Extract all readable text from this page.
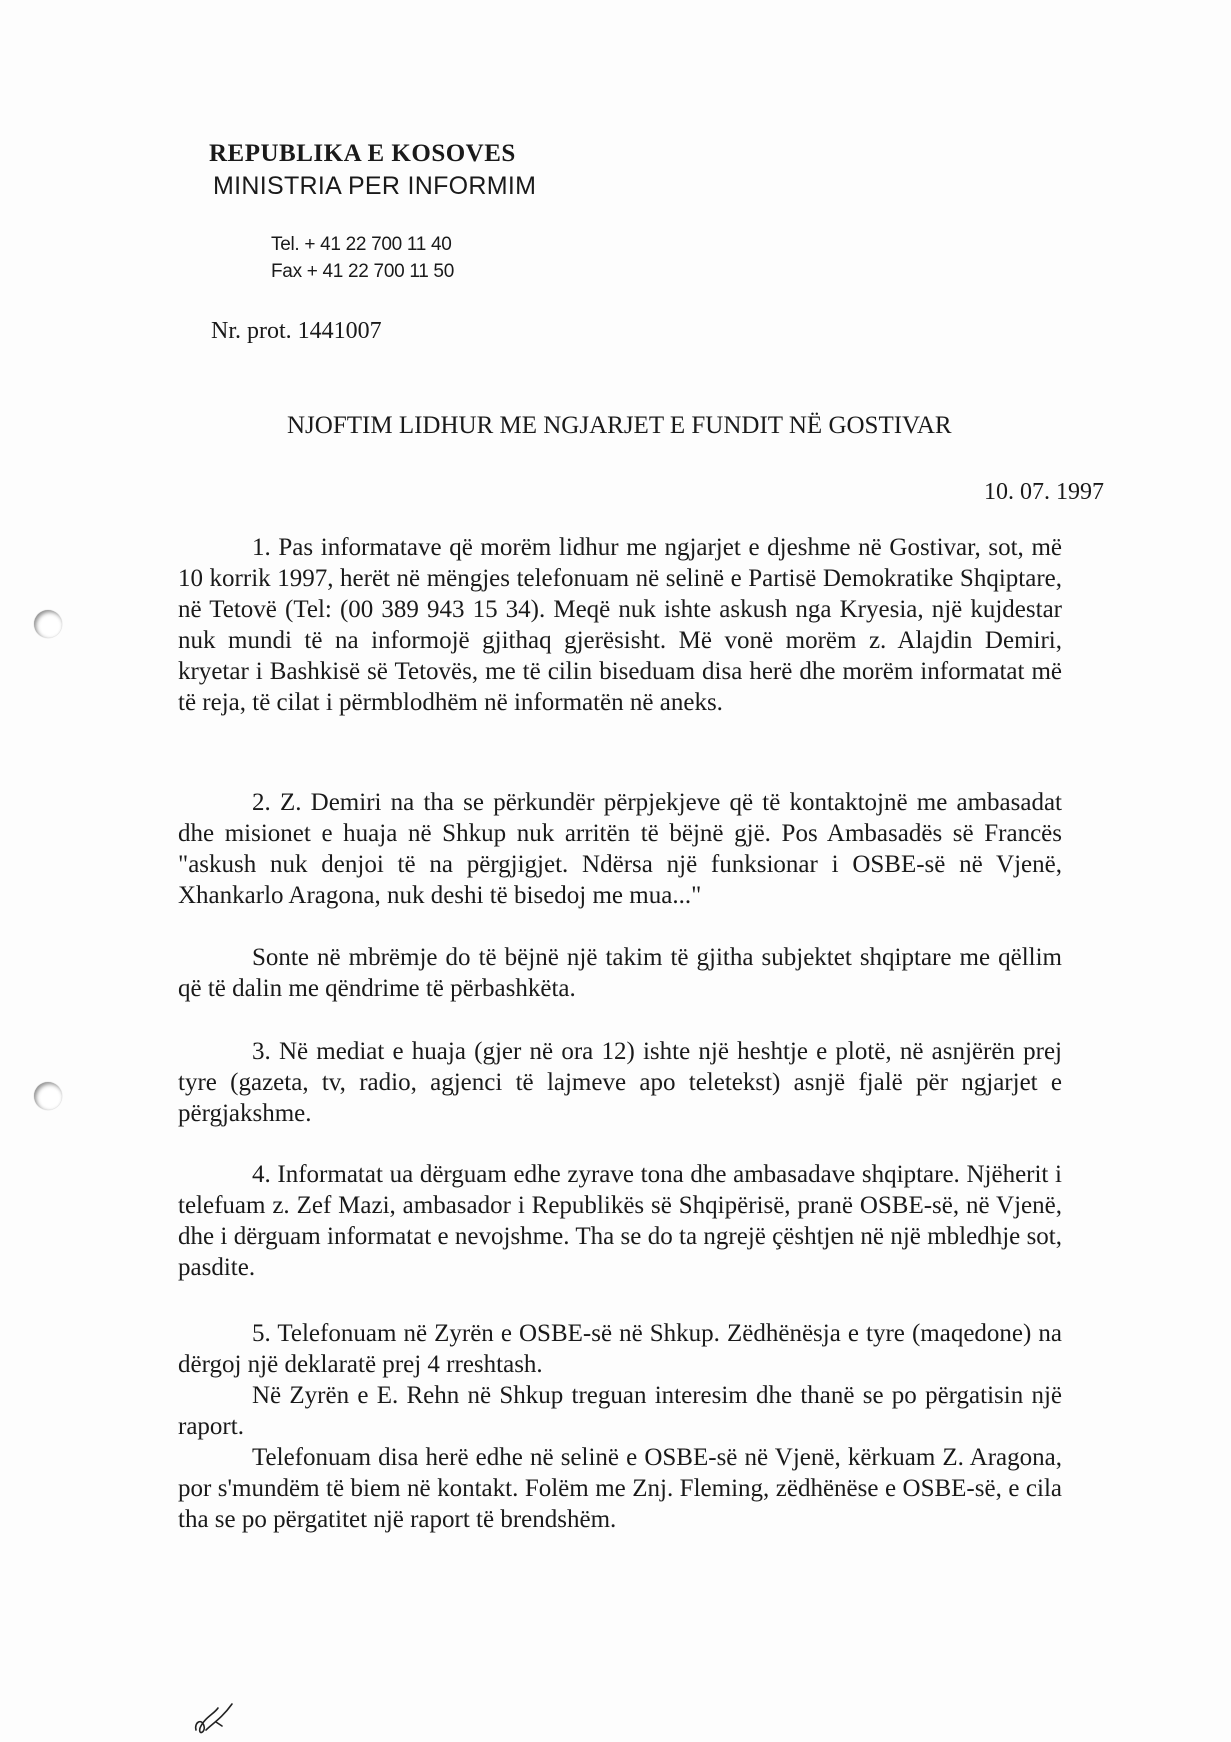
REPUBLIKA E KOSOVES
MINISTRIA PER INFORMIM
Tel. + 41 22 700 11 40
Fax + 41 22 700 11 50
Nr. prot. 1441007
NJOFTIM LIDHUR ME NGJARJET E FUNDIT NË GOSTIVAR
10. 07. 1997

1. Pas informatave që morëm lidhur me ngjarjet e djeshme në Gostivar, sot, më 10 korrik 1997, herët në mëngjes telefonuam në selinë e Partisë Demokratike Shqiptare, në Tetovë (Tel: (00 389 943 15 34). Meqë nuk ishte askush nga Kryesia, një kujdestar nuk mundi të na informojë gjithaq gjerësisht. Më vonë morëm z. Alajdin Demiri, kryetar i Bashkisë së Tetovës, me të cilin biseduam disa herë dhe morëm informatat më të reja, të cilat i përmblodhëm në informatën në aneks.

2. Z. Demiri na tha se përkundër përpjekjeve që të kontaktojnë me ambasadat dhe misionet e huaja në Shkup nuk arritën të bëjnë gjë. Pos Ambasadës së Francës "askush nuk denjoi të na përgjigjet. Ndërsa një funksionar i OSBE-së në Vjenë, Xhankarlo Aragona, nuk deshi të bisedoj me mua..."

Sonte në mbrëmje do të bëjnë një takim të gjitha subjektet shqiptare me qëllim që të dalin me qëndrime të përbashkëta.

3. Në mediat e huaja (gjer në ora 12) ishte një heshtje e plotë, në asnjërën prej tyre (gazeta, tv, radio, agjenci të lajmeve apo teletekst) asnjë fjalë për ngjarjet e përgjakshme.

4. Informatat ua dërguam edhe zyrave tona dhe ambasadave shqiptare. Njëherit i telefuam z. Zef Mazi, ambasador i Republikës së Shqipërisë, pranë OSBE-së, në Vjenë, dhe i dërguam informatat e nevojshme. Tha se do ta ngrejë çështjen në një mbledhje sot, pasdite.

5. Telefonuam në Zyrën e OSBE-së në Shkup. Zëdhënësja e tyre (maqedone) na dërgoj një deklaratë prej 4 rreshtash.

Në Zyrën e E. Rehn në Shkup treguan interesim dhe thanë se po përgatisin një raport.

Telefonuam disa herë edhe në selinë e OSBE-së në Vjenë, kërkuam Z. Aragona, por s'mundëm të biem në kontakt. Folëm me Znj. Fleming, zëdhënëse e OSBE-së, e cila tha se po përgatitet një raport të brendshëm.
